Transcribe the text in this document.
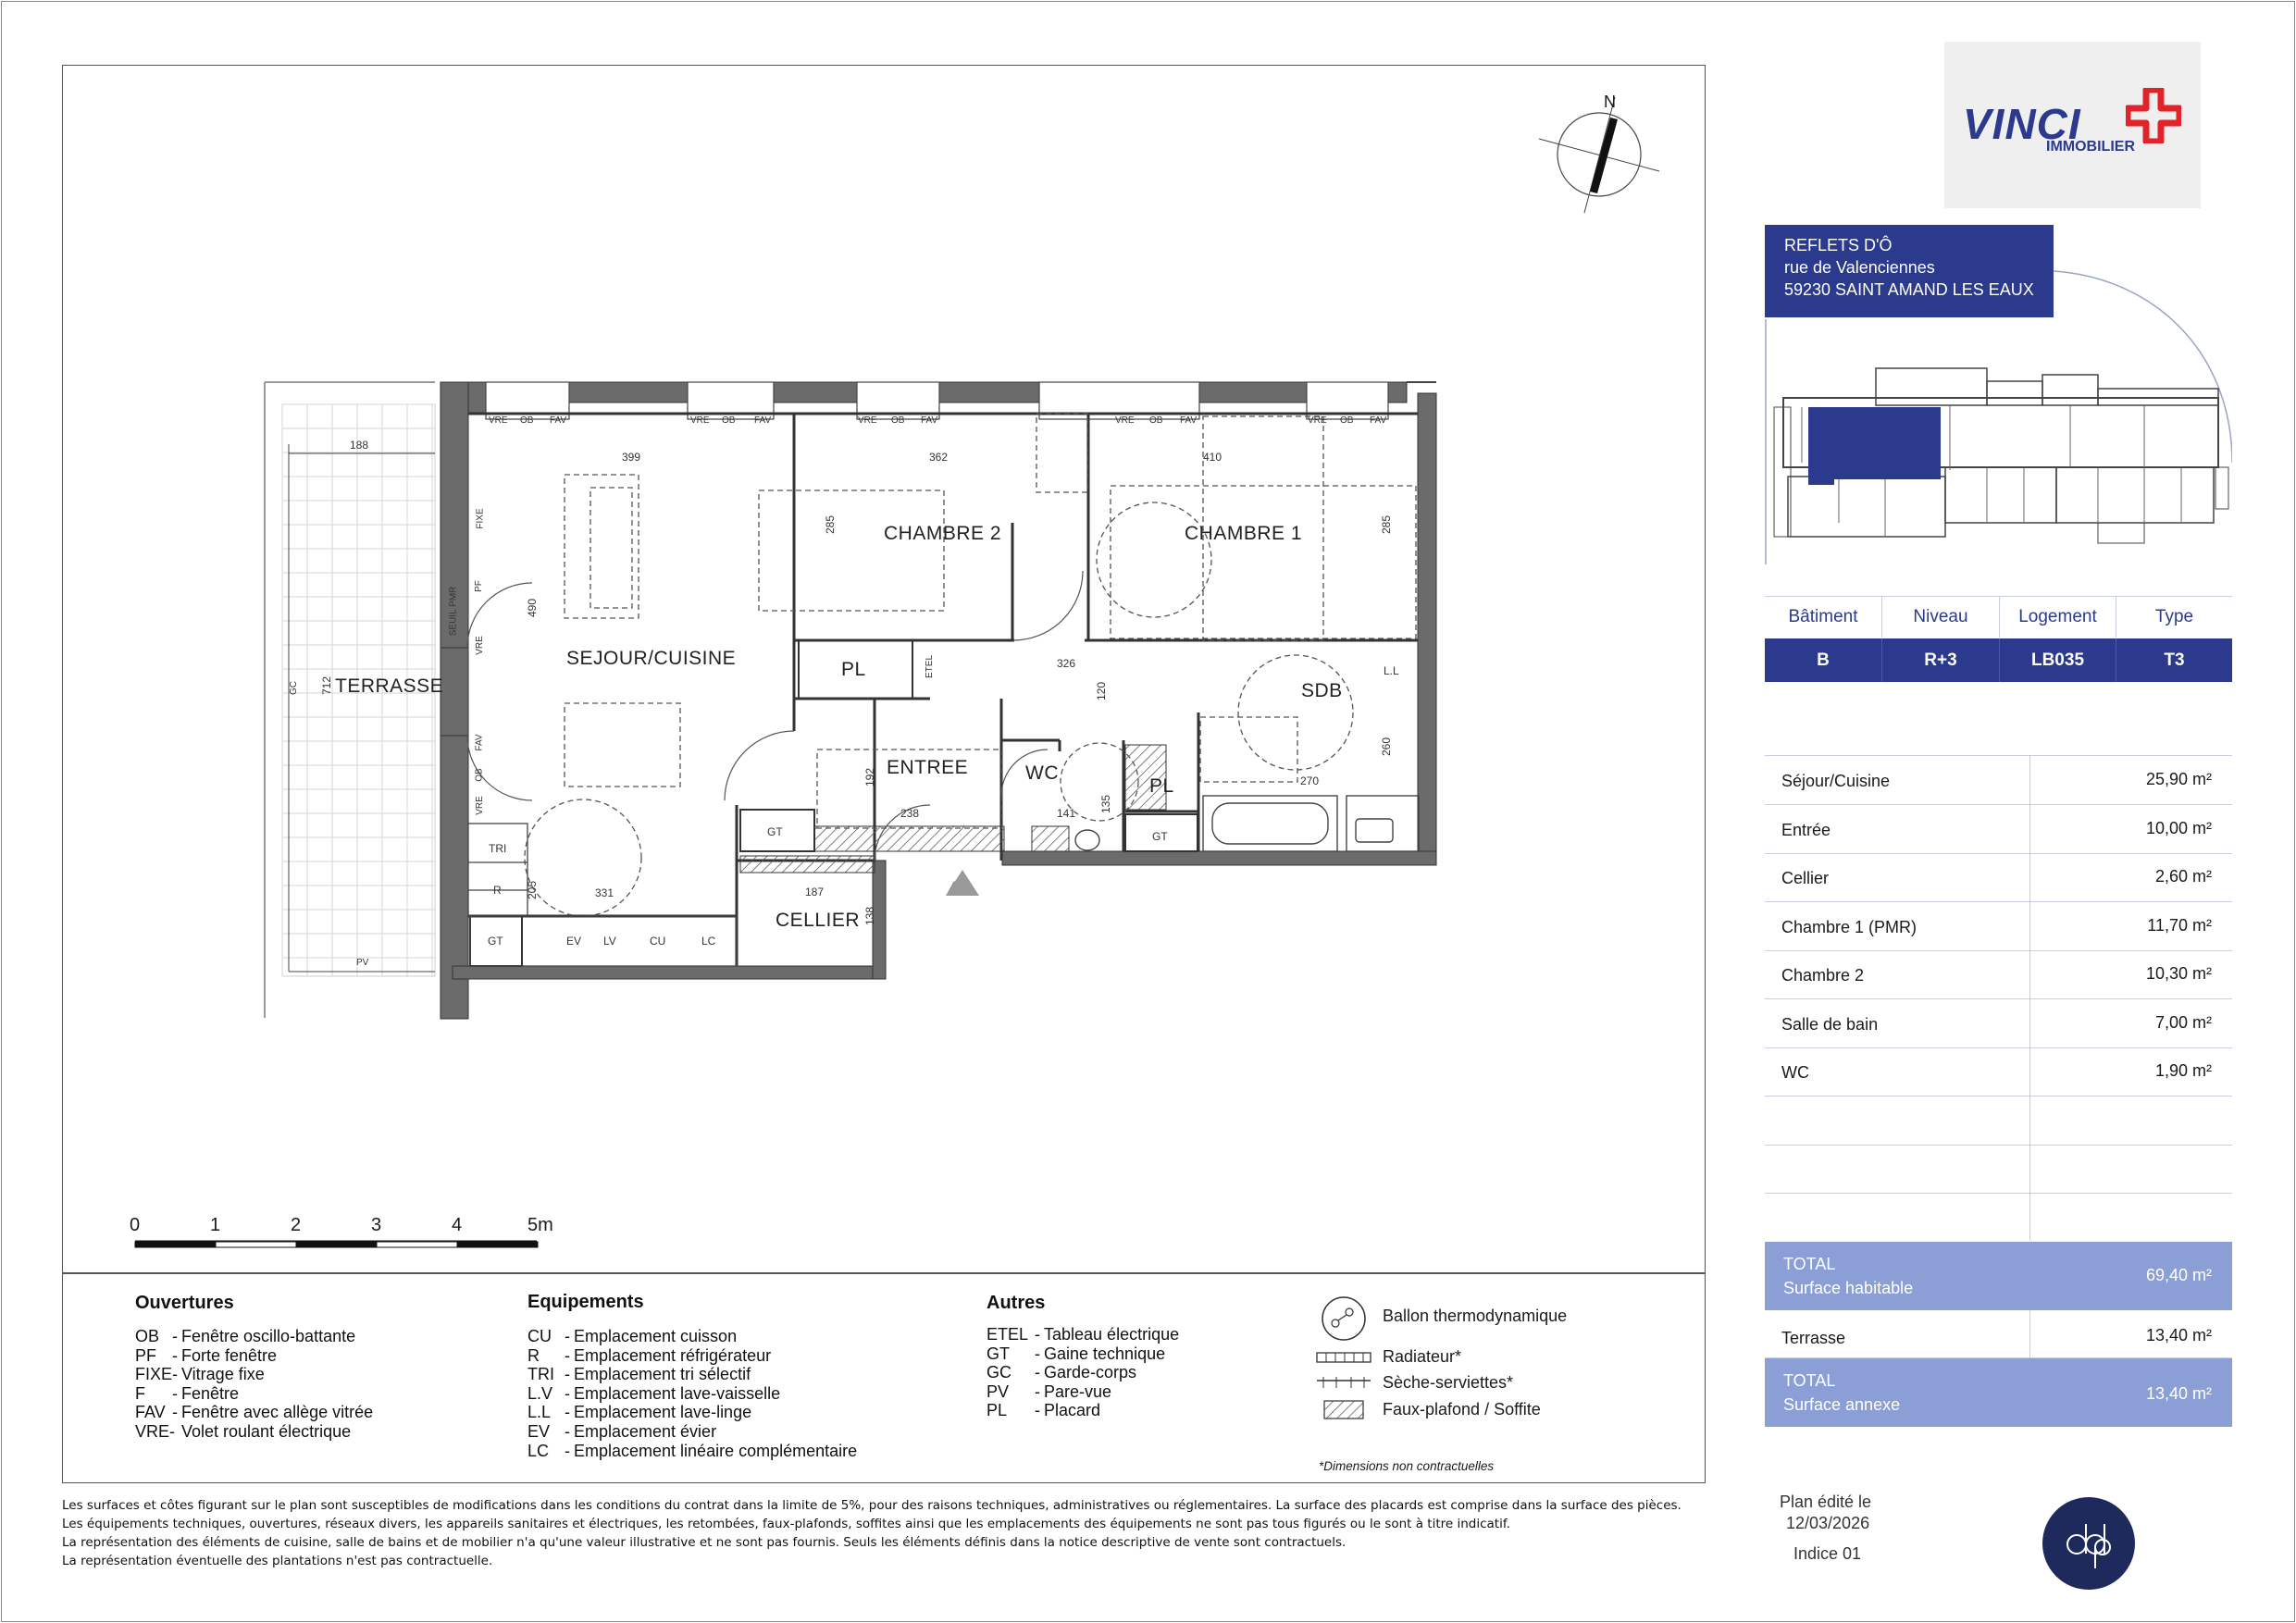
SEJOUR/CUISINE
TERRASSE
CHAMBRE 2	CHAMBRE 1
ENTREE	WC
SDB
CELLIER
PL
PL
GT	GT
GT
188
399	362	410
285	285
490
712
326
120
260
270
192
238	141 135
331
205	187
138
VRE OB FAV	VRE OB FAV	VRE OB FAV	VRE OB FAV	VRE OB FAV
FIXE
PF
SEUIL PMR
VRE
FAV
OB
VRE
GC
PV
TRI
R
EV LV	CU	LC
ETEL	L.L
N
0	1	2	3	4	5m
Ouvertures
OB - Fenêtre oscillo-battante
PF - Forte fenêtre
FIXE- Vitrage fixe
F	- Fenêtre
FAV - Fenêtre avec allège vitrée
VRE- Volet roulant électrique
Equipements
CU - Emplacement cuisson
R	- Emplacement réfrigérateur
TRI - Emplacement tri sélectif
L.V - Emplacement lave-vaisselle
L.L - Emplacement lave-linge
EV - Emplacement évier
LC - Emplacement linéaire complémentaire
Autres
ETEL - Tableau électrique
GT	- Gaine technique
GC	- Garde-corps
PV	- Pare-vue
PL	- Placard
Ballon thermodynamique
Radiateur*
Sèche-serviettes*
Faux-plafond / Soffite
*Dimensions non contractuelles
Les surfaces et côtes figurant sur le plan sont susceptibles de modifications dans les conditions du contrat dans la limite de 5%, pour des raisons techniques, administratives ou réglementaires. La surface des placards est comprise dans la surface des pièces.
Les équipements techniques, ouvertures, réseaux divers, les appareils sanitaires et électriques, les retombées, faux-plafonds, soffites ainsi que les emplacements des équipements ne sont pas tous figurés ou le sont à titre indicatif.
La représentation des éléments de cuisine, salle de bains et de mobilier n'a qu'une valeur illustrative et ne sont pas fournis. Seuls les éléments définis dans la notice descriptive de vente sont contractuels.
La représentation éventuelle des plantations n'est pas contractuelle.
VINCI
IMMOBILIER
REFLETS D'Ô
rue de Valenciennes
59230 SAINT AMAND LES EAUX
Bâtiment	Niveau	Logement	Type
B	R+3	LB035	T3
Séjour/Cuisine	25,90 m²
Entrée	10,00 m²
Cellier	2,60 m²
Chambre 1 (PMR)	11,70 m²
Chambre 2	10,30 m²
Salle de bain	7,00 m²
WC	1,90 m²
TOTAL
Surface habitable
69,40 m²
Terrasse	13,40 m²
TOTAL
Surface annexe
13,40 m²
Plan édité le
12/03/2026
Indice 01
